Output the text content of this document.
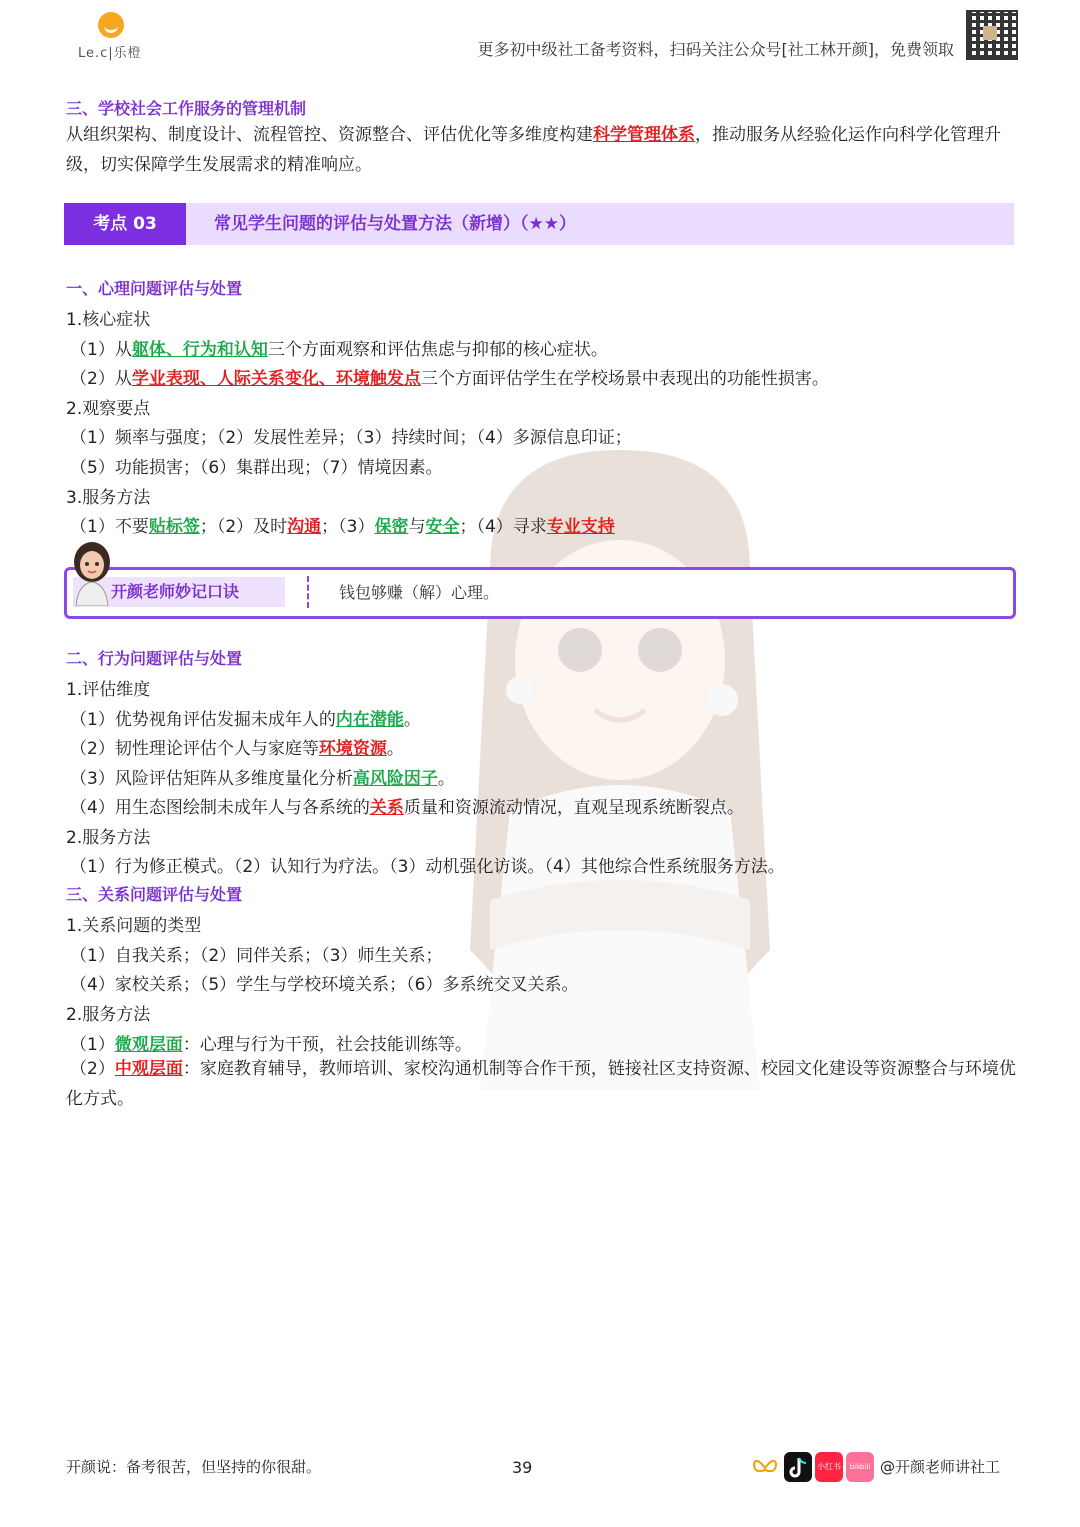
Le.c|乐橙	更多初中级社工备考资料，扫码关注公众号[社工林开颜]，免费领取
三、学校社会工作服务的管理机制
从组织架构、制度设计、流程管控、资源整合、评估优化等多维度构建科学管理体系，推动服务从经验化运作向科学化管理升级，切实保障学生发展需求的精准响应。
考点 03	常见学生问题的评估与处置方法（新增）（★★）
一、心理问题评估与处置
1.核心症状
（1）从躯体、行为和认知三个方面观察和评估焦虑与抑郁的核心症状。
（2）从学业表现、人际关系变化、环境触发点三个方面评估学生在学校场景中表现出的功能性损害。
2.观察要点
（1）频率与强度；（2）发展性差异；（3）持续时间；（4）多源信息印证；
（5）功能损害；（6）集群出现；（7）情境因素。
3.服务方法
（1）不要贴标签；（2）及时沟通；（3）保密与安全；（4）寻求专业支持
开颜老师妙记口诀	钱包够赚（解）心理。
二、行为问题评估与处置
1.评估维度
（1）优势视角评估发掘未成年人的内在潜能。
（2）韧性理论评估个人与家庭等环境资源。
（3）风险评估矩阵从多维度量化分析高风险因子。
（4）用生态图绘制未成年人与各系统的关系质量和资源流动情况，直观呈现系统断裂点。
2.服务方法
（1）行为修正模式。（2）认知行为疗法。（3）动机强化访谈。（4）其他综合性系统服务方法。
三、关系问题评估与处置
1.关系问题的类型
（1）自我关系；（2）同伴关系；（3）师生关系；
（4）家校关系；（5）学生与学校环境关系；（6）多系统交叉关系。
2.服务方法
（1）微观层面：心理与行为干预，社会技能训练等。
（2）中观层面：家庭教育辅导，教师培训、家校沟通机制等合作干预，链接社区支持资源、校园文化建设等资源整合与环境优化方式。
开颜说：备考很苦，但坚持的你很甜。	39	小红书	bilibili @开颜老师讲社工
